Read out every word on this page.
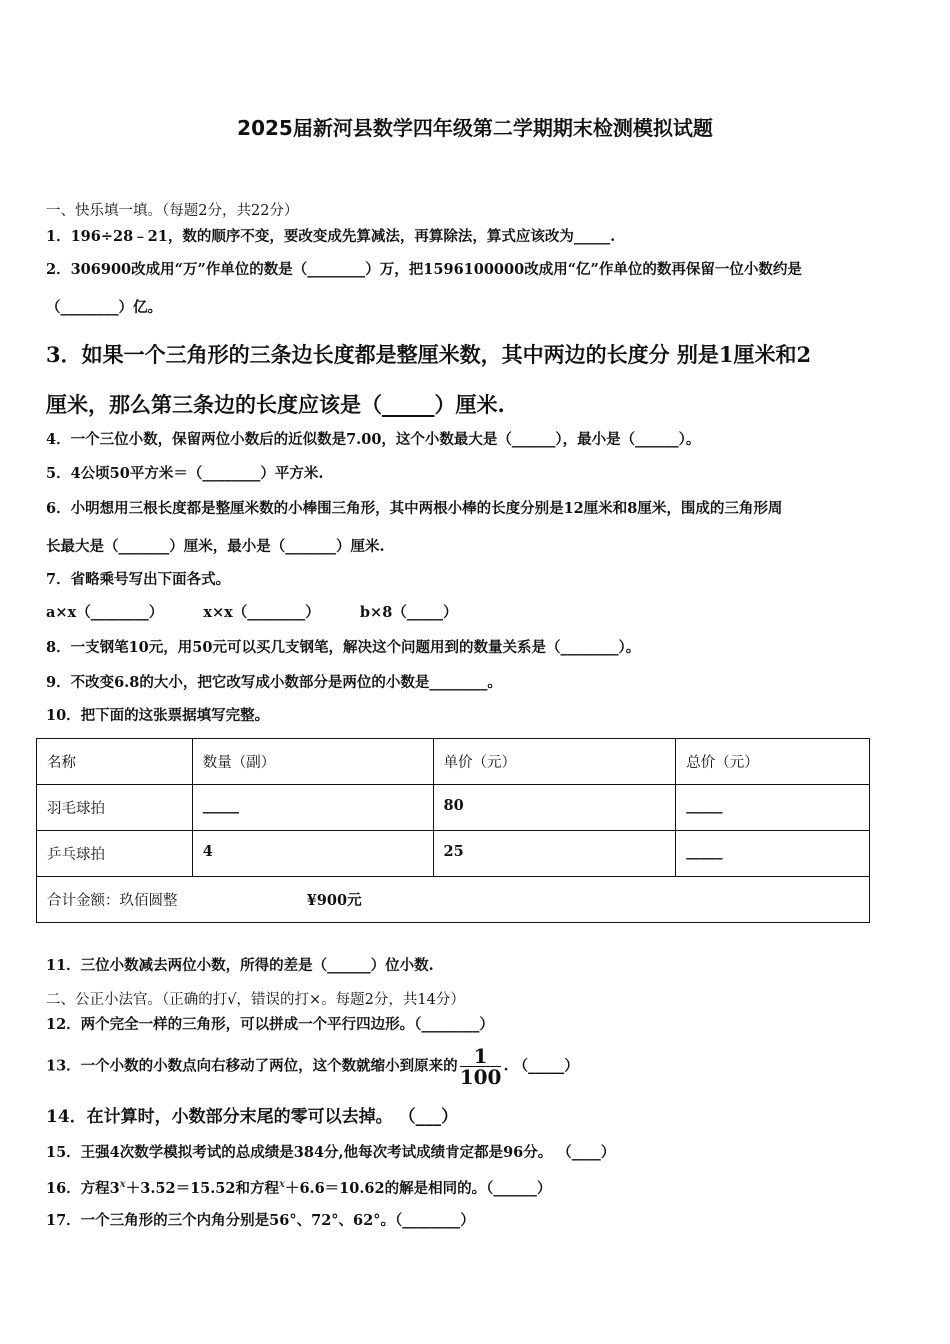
2025届新河县数学四年级第二学期期末检测模拟试题
一、快乐填一填。（每题2分，共22分）
1．196÷28﹣21，数的顺序不变，要改变成先算减法，再算除法，算式应该改为_____.
2．306900改成用“万”作单位的数是（________）万，把1596100000改成用“亿”作单位的数再保留一位小数约是
（________）亿。
3．如果一个三角形的三条边长度都是整厘米数，其中两边的长度分 别是1厘米和2
厘米，那么第三条边的长度应该是（_____）厘米.
4．一个三位小数，保留两位小数后的近似数是7.00，这个小数最大是（______），最小是（______）。
5．4公顷50平方米＝（________）平方米.
6．小明想用三根长度都是整厘米数的小棒围三角形，其中两根小棒的长度分别是12厘米和8厘米，围成的三角形周
长最大是（_______）厘米，最小是（_______）厘米.
7．省略乘号写出下面各式。
a×x（________）	x×x（________）	b×8（_____）
8．一支钢笔10元，用50元可以买几支钢笔，解决这个问题用到的数量关系是（________）。
9．不改变6.8的大小，把它改写成小数部分是两位的小数是________。
10．把下面的这张票据填写完整。
名称	数量（副）	单价（元）	总价（元）
羽毛球拍	_____	80	_____
乒乓球拍	4	25	_____
合计金额：玖佰圆整 ¥900元			
11．三位小数减去两位小数，所得的差是（______）位小数.
二、公正小法官。（正确的打√，错误的打×。每题2分，共14分）
12．两个完全一样的三角形，可以拼成一个平行四边形。（________）
13．一个小数的小数点向右移动了两位，这个数就缩小到原来的 $\frac{1}{100}$ . （_____）
14．在计算时，小数部分末尾的零可以去掉。 （___）
15．王强4次数学模拟考试的总成绩是384分,他每次考试成绩肯定都是96分。 （____）
16．方程$3^x+3.52=15.52$和方程$^x$＋6.6＝10.62的解是相同的。（______）
17．一个三角形的三个内角分别是56°、72°、62°。（________）
